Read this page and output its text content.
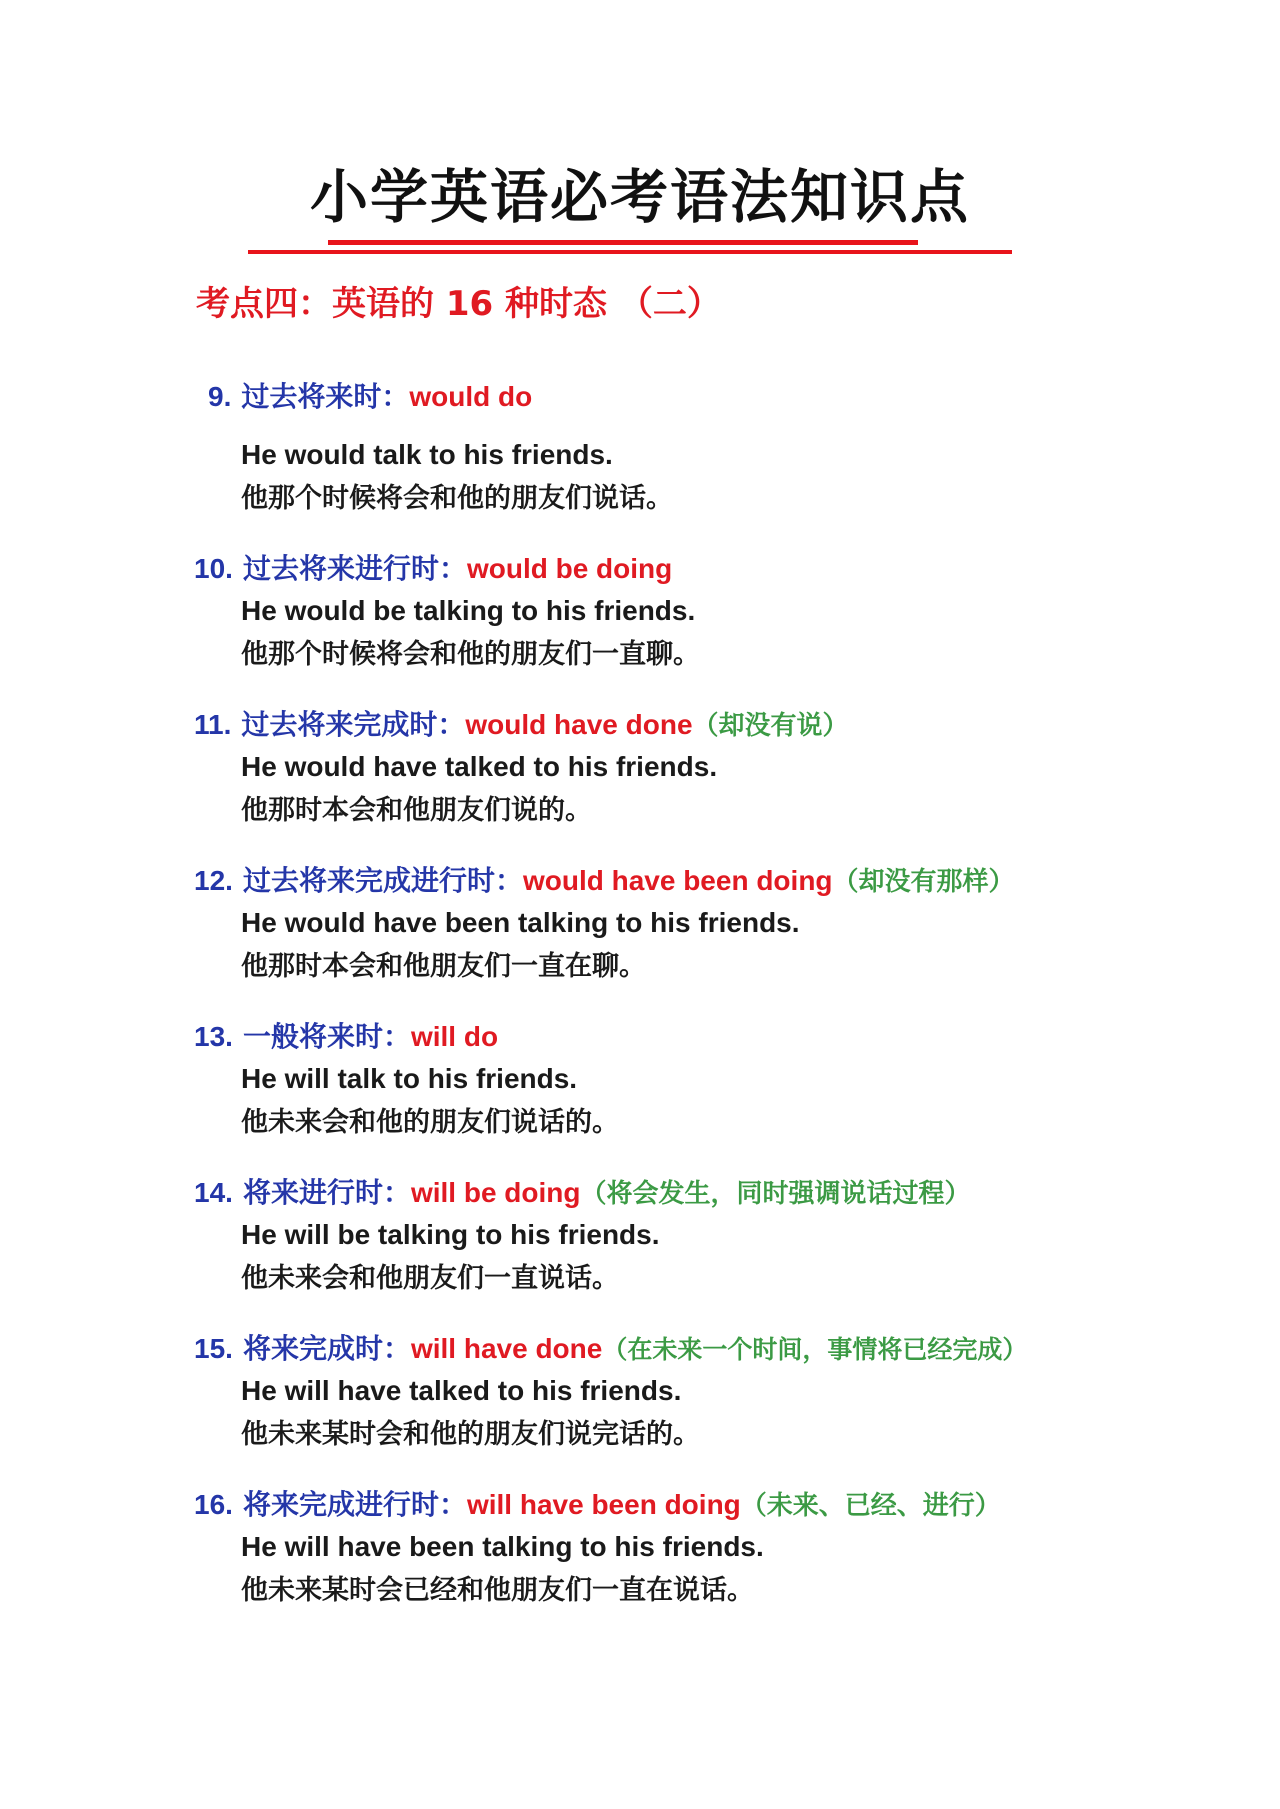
小学英语必考语法知识点
考点四：英语的 16 种时态 （二）
9. 过去将来时：would do
He would talk to his friends.
他那个时候将会和他的朋友们说话。
10. 过去将来进行时：would be doing
He would be talking to his friends.
他那个时候将会和他的朋友们一直聊。
11. 过去将来完成时：would have done（却没有说）
He would have talked to his friends.
他那时本会和他朋友们说的。
12. 过去将来完成进行时：would have been doing（却没有那样）
He would have been talking to his friends.
他那时本会和他朋友们一直在聊。
13. 一般将来时：will do
He will talk to his friends.
他未来会和他的朋友们说话的。
14. 将来进行时：will be doing（将会发生，同时强调说话过程）
He will be talking to his friends.
他未来会和他朋友们一直说话。
15. 将来完成时：will have done（在未来一个时间，事情将已经完成）
He will have talked to his friends.
他未来某时会和他的朋友们说完话的。
16. 将来完成进行时：will have been doing（未来、已经、进行）
He will have been talking to his friends.
他未来某时会已经和他朋友们一直在说话。
